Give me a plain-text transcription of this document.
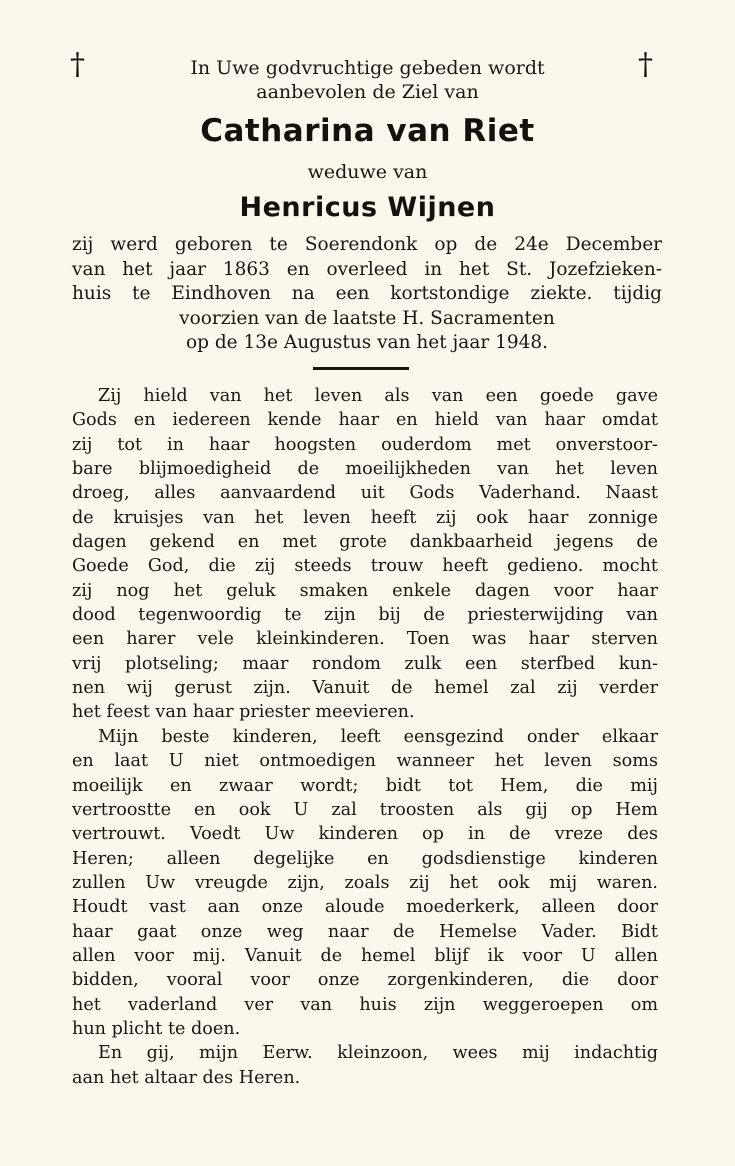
†	†
In Uwe godvruchtige gebeden wordt
aanbevolen de Ziel van
Catharina van Riet
weduwe van
Henricus Wijnen
zij werd geboren te Soerendonk op de 24e December
van het jaar 1863 en overleed in het St. Jozefzieken-
huis te Eindhoven na een kortstondige ziekte. tijdig
voorzien van de laatste H. Sacramenten
op de 13e Augustus van het jaar 1948.
Zij hield van het leven als van een goede gave
Gods en iedereen kende haar en hield van haar omdat
zij tot in haar hoogsten ouderdom met onverstoor-
bare blijmoedigheid de moeilijkheden van het leven
droeg, alles aanvaardend uit Gods Vaderhand. Naast
de kruisjes van het leven heeft zij ook haar zonnige
dagen gekend en met grote dankbaarheid jegens de
Goede God, die zij steeds trouw heeft gedieno. mocht
zij nog het geluk smaken enkele dagen voor haar
dood tegenwoordig te zijn bij de priesterwijding van
een harer vele kleinkinderen. Toen was haar sterven
vrij plotseling; maar rondom zulk een sterfbed kun-
nen wij gerust zijn. Vanuit de hemel zal zij verder
het feest van haar priester meevieren.
Mijn beste kinderen, leeft eensgezind onder elkaar
en laat U niet ontmoedigen wanneer het leven soms
moeilijk en zwaar wordt; bidt tot Hem, die mij
vertroostte en ook U zal troosten als gij op Hem
vertrouwt. Voedt Uw kinderen op in de vreze des
Heren; alleen degelijke en godsdienstige kinderen
zullen Uw vreugde zijn, zoals zij het ook mij waren.
Houdt vast aan onze aloude moederkerk, alleen door
haar gaat onze weg naar de Hemelse Vader. Bidt
allen voor mij. Vanuit de hemel blijf ik voor U allen
bidden, vooral voor onze zorgenkinderen, die door
het vaderland ver van huis zijn weggeroepen om
hun plicht te doen.
En gij, mijn Eerw. kleinzoon, wees mij indachtig
aan het altaar des Heren.
